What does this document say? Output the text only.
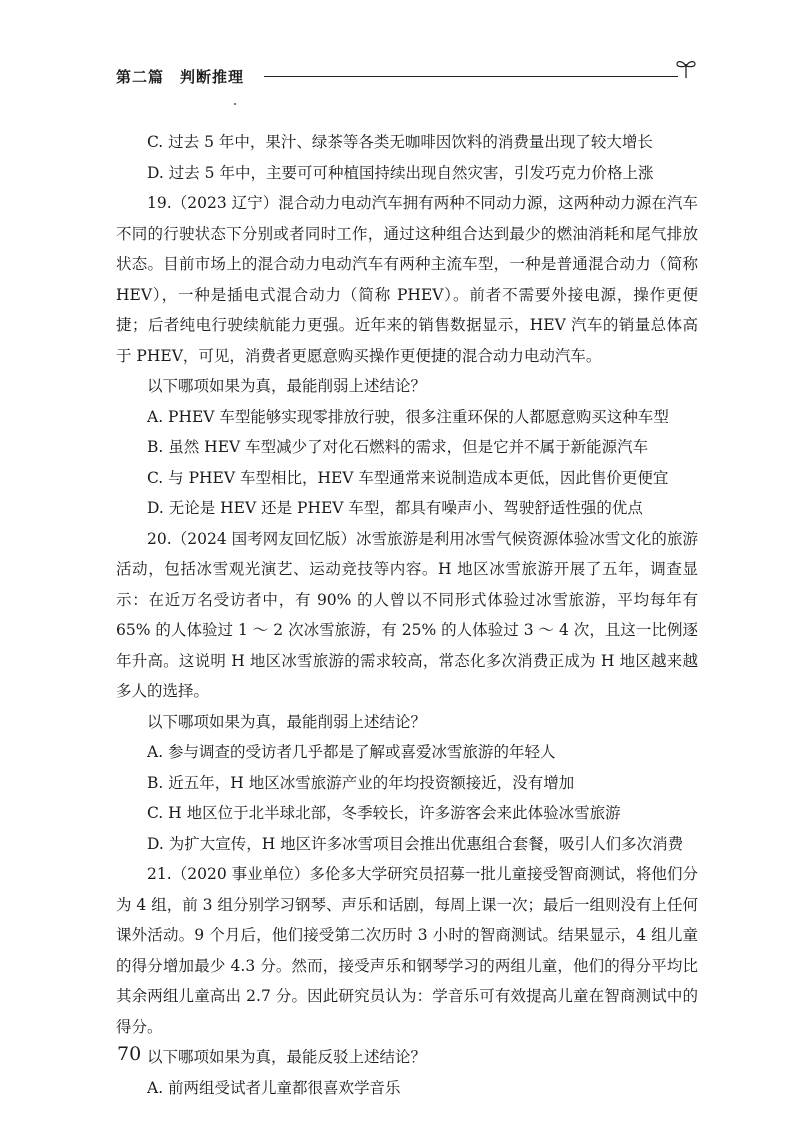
第二篇　判断推理

C. 过去 5 年中，果汁、绿茶等各类无咖啡因饮料的消费量出现了较大增长

D. 过去 5 年中，主要可可种植国持续出现自然灾害，引发巧克力价格上涨

19.（2023 辽宁）混合动力电动汽车拥有两种不同动力源，这两种动力源在汽车不同的行驶状态下分别或者同时工作，通过这种组合达到最少的燃油消耗和尾气排放状态。目前市场上的混合动力电动汽车有两种主流车型，一种是普通混合动力（简称 HEV），一种是插电式混合动力（简称 PHEV）。前者不需要外接电源，操作更便捷；后者纯电行驶续航能力更强。近年来的销售数据显示，HEV 汽车的销量总体高于 PHEV，可见，消费者更愿意购买操作更便捷的混合动力电动汽车。

以下哪项如果为真，最能削弱上述结论？

A. PHEV 车型能够实现零排放行驶，很多注重环保的人都愿意购买这种车型

B. 虽然 HEV 车型减少了对化石燃料的需求，但是它并不属于新能源汽车

C. 与 PHEV 车型相比，HEV 车型通常来说制造成本更低，因此售价更便宜

D. 无论是 HEV 还是 PHEV 车型，都具有噪声小、驾驶舒适性强的优点

20.（2024 国考网友回忆版）冰雪旅游是利用冰雪气候资源体验冰雪文化的旅游活动，包括冰雪观光演艺、运动竞技等内容。H 地区冰雪旅游开展了五年，调查显示：在近万名受访者中，有 90% 的人曾以不同形式体验过冰雪旅游，平均每年有 65% 的人体验过 1 ～ 2 次冰雪旅游，有 25% 的人体验过 3 ～ 4 次，且这一比例逐年升高。这说明 H 地区冰雪旅游的需求较高，常态化多次消费正成为 H 地区越来越多人的选择。

以下哪项如果为真，最能削弱上述结论？

A. 参与调查的受访者几乎都是了解或喜爱冰雪旅游的年轻人

B. 近五年，H 地区冰雪旅游产业的年均投资额接近，没有增加

C. H 地区位于北半球北部，冬季较长，许多游客会来此体验冰雪旅游

D. 为扩大宣传，H 地区许多冰雪项目会推出优惠组合套餐，吸引人们多次消费

21.（2020 事业单位）多伦多大学研究员招募一批儿童接受智商测试，将他们分为 4 组，前 3 组分别学习钢琴、声乐和话剧，每周上课一次；最后一组则没有上任何课外活动。9 个月后，他们接受第二次历时 3 小时的智商测试。结果显示，4 组儿童的得分增加最少 4.3 分。然而，接受声乐和钢琴学习的两组儿童，他们的得分平均比其余两组儿童高出 2.7 分。因此研究员认为：学音乐可有效提高儿童在智商测试中的得分。

以下哪项如果为真，最能反驳上述结论？

A. 前两组受试者儿童都很喜欢学音乐

70
